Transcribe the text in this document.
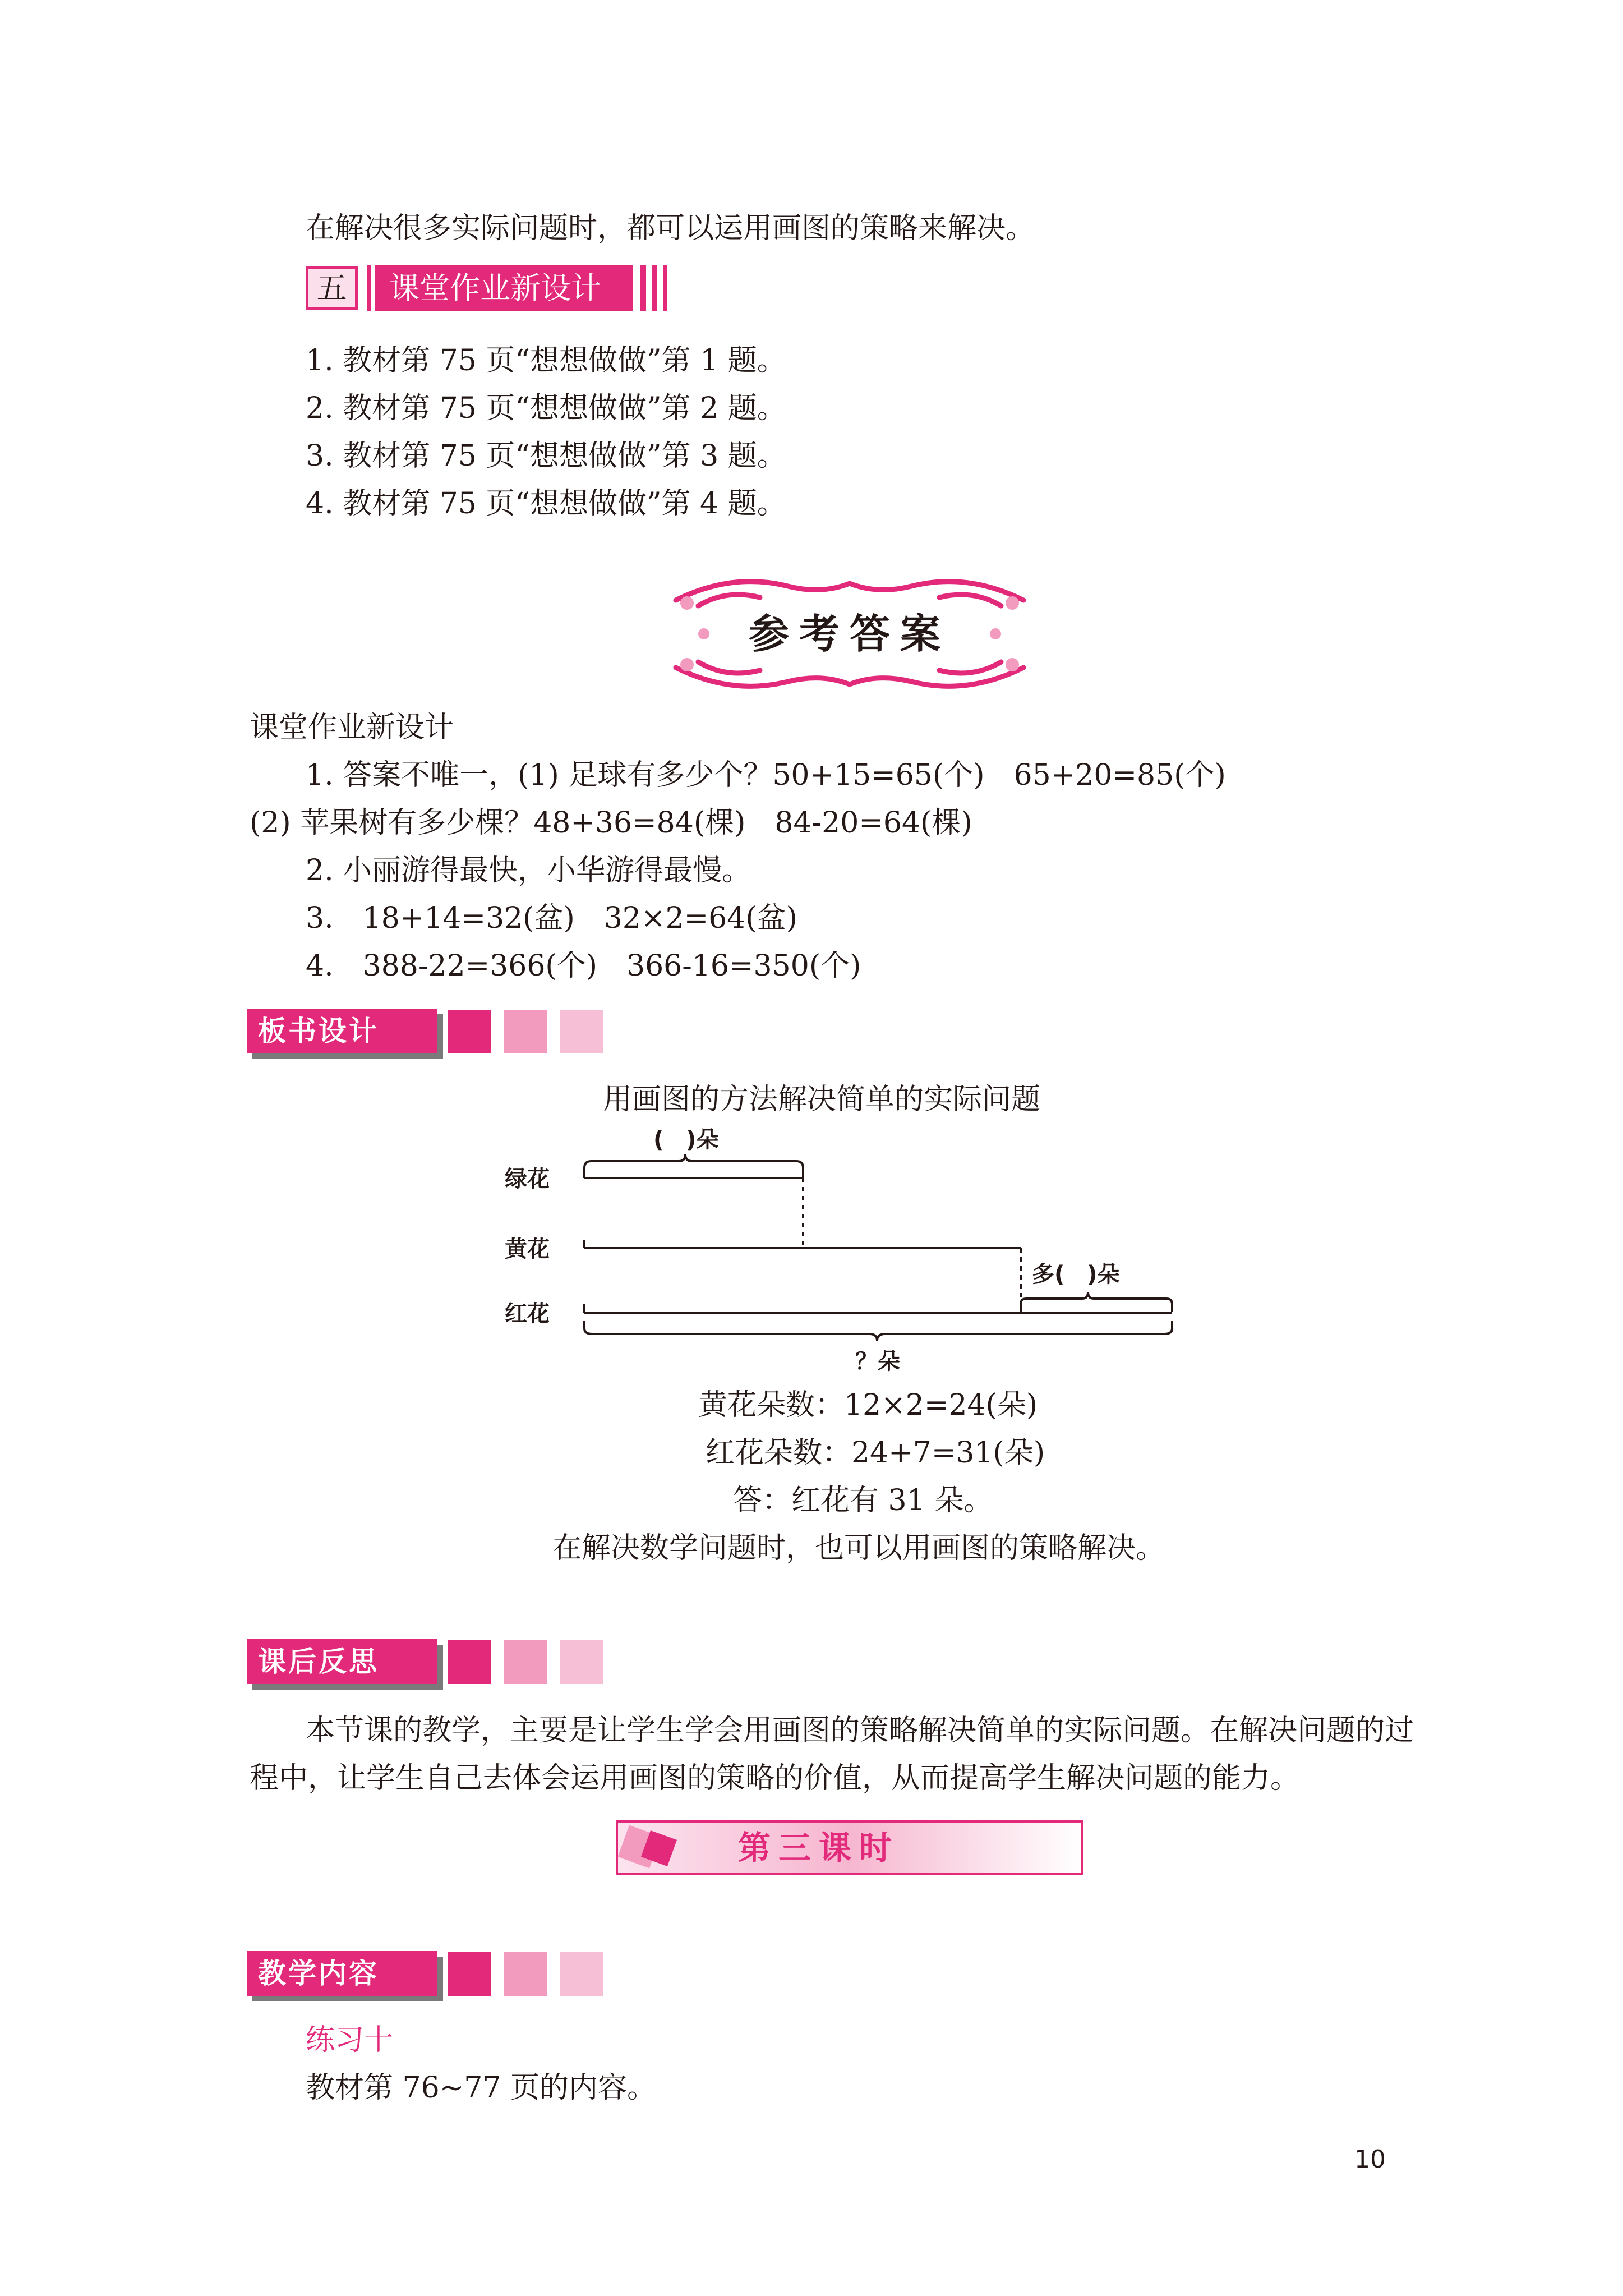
在解决很多实际问题时，都可以运用画图的策略来解决。
五	课堂作业新设计
1. 教材第 75 页“想想做做”第 1 题。
2. 教材第 75 页“想想做做”第 2 题。
3. 教材第 75 页“想想做做”第 3 题。
4. 教材第 75 页“想想做做”第 4 题。
参考答案
课堂作业新设计
1. 答案不唯一，(1) 足球有多少个？50+15=65(个)　65+20=85(个)
(2) 苹果树有多少棵？48+36=84(棵)　84-20=64(棵)
2. 小丽游得最快，小华游得最慢。
3.　18+14=32(盆)　32×2=64(盆)
4.　388-22=366(个)　366-16=350(个)
板书设计
用画图的方法解决简单的实际问题
绿花
黄花
红花
(　)朵
多(　)朵
？朵
黄花朵数：12×2=24(朵)
红花朵数：24+7=31(朵)
答：红花有 31 朵。
在解决数学问题时，也可以用画图的策略解决。
课后反思
本节课的教学，主要是让学生学会用画图的策略解决简单的实际问题。在解决问题的过
程中，让学生自己去体会运用画图的策略的价值，从而提高学生解决问题的能力。
第三课时
教学内容
练习十
教材第 76~77 页的内容。
10
